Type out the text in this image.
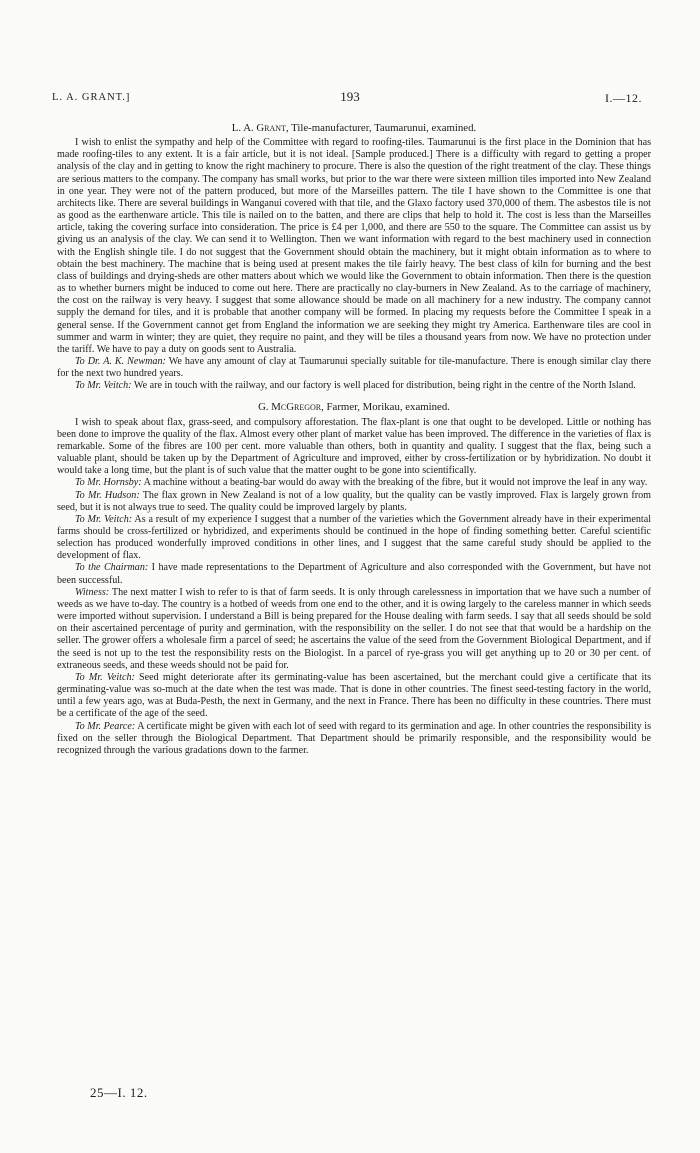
L. A. GRANT.]	193	I.—12.
L. A. Grant, Tile-manufacturer, Taumarunui, examined.

I wish to enlist the sympathy and help of the Committee with regard to roofing-tiles. Taumarunui is the first place in the Dominion that has made roofing-tiles to any extent. It is a fair article, but it is not ideal. [Sample produced.] There is a difficulty with regard to getting a proper analysis of the clay and in getting to know the right machinery to procure. There is also the question of the right treatment of the clay. These things are serious matters to the company. The company has small works, but prior to the war there were sixteen million tiles imported into New Zealand in one year. They were not of the pattern produced, but more of the Marseilles pattern. The tile I have shown to the Committee is one that architects like. There are several buildings in Wanganui covered with that tile, and the Glaxo factory used 370,000 of them. The asbestos tile is not as good as the earthenware article. This tile is nailed on to the batten, and there are clips that help to hold it. The cost is less than the Marseilles article, taking the covering surface into consideration. The price is £4 per 1,000, and there are 550 to the square. The Committee can assist us by giving us an analysis of the clay. We can send it to Wellington. Then we want information with regard to the best machinery used in connection with the English shingle tile. I do not suggest that the Government should obtain the machinery, but it might obtain information as to where to obtain the best machinery. The machine that is being used at present makes the tile fairly heavy. The best class of kiln for burning and the best class of buildings and drying-sheds are other matters about which we would like the Government to obtain information. Then there is the question as to whether burners might be induced to come out here. There are practically no clay-burners in New Zealand. As to the carriage of machinery, the cost on the railway is very heavy. I suggest that some allowance should be made on all machinery for a new industry. The company cannot supply the demand for tiles, and it is probable that another company will be formed. In placing my requests before the Committee I speak in a general sense. If the Government cannot get from England the information we are seeking they might try America. Earthenware tiles are cool in summer and warm in winter; they are quiet, they require no paint, and they will be tiles a thousand years from now. We have no protection under the tariff. We have to pay a duty on goods sent to Australia.

To Dr. A. K. Newman: We have any amount of clay at Taumarunui specially suitable for tile-manufacture. There is enough similar clay there for the next two hundred years.

To Mr. Veitch: We are in touch with the railway, and our factory is well placed for distribution, being right in the centre of the North Island.

G. McGregor, Farmer, Morikau, examined.

I wish to speak about flax, grass-seed, and compulsory afforestation. The flax-plant is one that ought to be developed. Little or nothing has been done to improve the quality of the flax. Almost every other plant of market value has been improved. The difference in the varieties of flax is remarkable. Some of the fibres are 100 per cent. more valuable than others, both in quantity and quality. I suggest that the flax, being such a valuable plant, should be taken up by the Department of Agriculture and improved, either by cross-fertilization or by hybridization. No doubt it would take a long time, but the plant is of such value that the matter ought to be gone into scientifically.

To Mr. Hornsby: A machine without a beating-bar would do away with the breaking of the fibre, but it would not improve the leaf in any way.

To Mr. Hudson: The flax grown in New Zealand is not of a low quality, but the quality can be vastly improved. Flax is largely grown from seed, but it is not always true to seed. The quality could be improved largely by plants.

To Mr. Veitch: As a result of my experience I suggest that a number of the varieties which the Government already have in their experimental farms should be cross-fertilized or hybridized, and experiments should be continued in the hope of finding something better. Careful scientific selection has produced wonderfully improved conditions in other lines, and I suggest that the same careful study should be applied to the development of flax.

To the Chairman: I have made representations to the Department of Agriculture and also corresponded with the Government, but have not been successful.

Witness: The next matter I wish to refer to is that of farm seeds. It is only through carelessness in importation that we have such a number of weeds as we have to-day. The country is a hotbed of weeds from one end to the other, and it is owing largely to the careless manner in which seeds were imported without supervision. I understand a Bill is being prepared for the House dealing with farm seeds. I say that all seeds should be sold on their ascertained percentage of purity and germination, with the responsibility on the seller. I do not see that that would be a hardship on the seller. The grower offers a wholesale firm a parcel of seed; he ascertains the value of the seed from the Government Biological Department, and if the seed is not up to the test the responsibility rests on the Biologist. In a parcel of rye-grass you will get anything up to 20 or 30 per cent. of extraneous seeds, and these weeds should not be paid for.

To Mr. Veitch: Seed might deteriorate after its germinating-value has been ascertained, but the merchant could give a certificate that its germinating-value was so-much at the date when the test was made. That is done in other countries. The finest seed-testing factory in the world, until a few years ago, was at Buda-Pesth, the next in Germany, and the next in France. There has been no difficulty in these countries. There must be a certificate of the age of the seed.

To Mr. Pearce: A certificate might be given with each lot of seed with regard to its germination and age. In other countries the responsibility is fixed on the seller through the Biological Department. That Department should be primarily responsible, and the responsibility would be recognized through the various gradations down to the farmer.

25—I. 12.
